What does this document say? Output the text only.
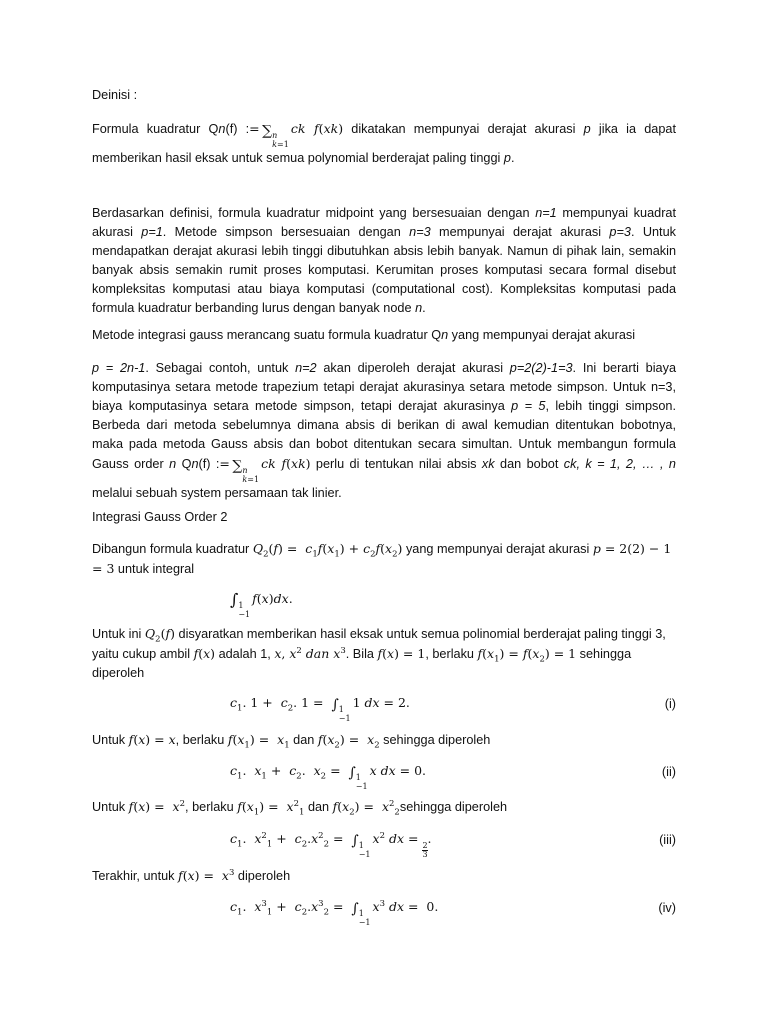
Deinisi :
Formula kuadratur Qn(f) := ∑ n
k=1
ck f(xk) dikatakan mempunyai derajat akurasi p jika ia dapat memberikan hasil eksak untuk semua polynomial berderajat paling tinggi p.
Berdasarkan definisi, formula kuadratur midpoint yang bersesuaian dengan n=1 mempunyai kuadrat akurasi p=1. Metode simpson bersesuaian dengan n=3 mempunyai derajat akurasi p=3. Untuk mendapatkan derajat akurasi lebih tinggi dibutuhkan absis lebih banyak. Namun di pihak lain, semakin banyak absis semakin rumit proses komputasi. Kerumitan proses komputasi secara formal disebut kompleksitas komputasi atau biaya komputasi (computational cost). Kompleksitas komputasi pada formula kuadratur berbanding lurus dengan banyak node n.
Metode integrasi gauss merancang suatu formula kuadratur Qn yang mempunyai derajat akurasi
p = 2n-1. Sebagai contoh, untuk n=2 akan diperoleh derajat akurasi p=2(2)-1=3. Ini berarti biaya komputasinya setara metode trapezium tetapi derajat akurasinya setara metode simpson. Untuk n=3, biaya komputasinya setara metode simpson, tetapi derajat akurasinya p = 5, lebih tinggi simpson. Berbeda dari metoda sebelumnya dimana absis di berikan di awal kemudian ditentukan bobotnya, maka pada metoda Gauss absis dan bobot ditentukan secara simultan. Untuk membangun formula Gauss order n Qn(f) := ∑ n
k=1
ck f(xk) perlu di tentukan nilai absis xk dan bobot ck, k = 1, 2, … , n melalui sebuah system persamaan tak linier.
Integrasi Gauss Order 2
Dibangun formula kuadratur $Q_2(f) = c_1f(x_1) + c_2f(x_2)$ yang mempunyai derajat akurasi p = 2(2) − 1 = 3 untuk integral
∫ 1
−1
f(x)dx.
Untuk ini $Q_2(f)$ disyaratkan memberikan hasil eksak untuk semua polinomial berderajat paling tinggi 3, yaitu cukup ambil f(x) adalah 1, x, $x^2$ dan $x^3$. Bila f(x) = 1, berlaku $f(x_1) = f(x_2) = 1$ sehingga diperoleh
$c_1$. $1 + c_2$. 1 =  ∫ 1
−1
1 dx = 2.	(i)
Untuk f(x) = x, berlaku $f(x_1) = x_1$ dan $f(x_2) = x_2$ sehingga diperoleh
$c_1$.  $x_1 + c_2$.  $x_2$ =  ∫ 1
−1
x dx = 0.	(ii)
Untuk $f(x) = x^2$, berlaku $f(x_1) = x^2_1$ dan $f(x_2)$ =  $x^2_2sehingga$ diperoleh
$c_1$.  $x^2_1 + c_2.x^2_2$ =  ∫ 1
−1
$x^2$ dx =
$\frac{2}{3}$
.	(iii)
Terakhir, untuk $f(x) = x^3$ diperoleh
$c_1$.  $x^3_1 + c_2.x^3_2$ =  ∫ 1
−1
$x^3$ dx =  0.	(iv)
